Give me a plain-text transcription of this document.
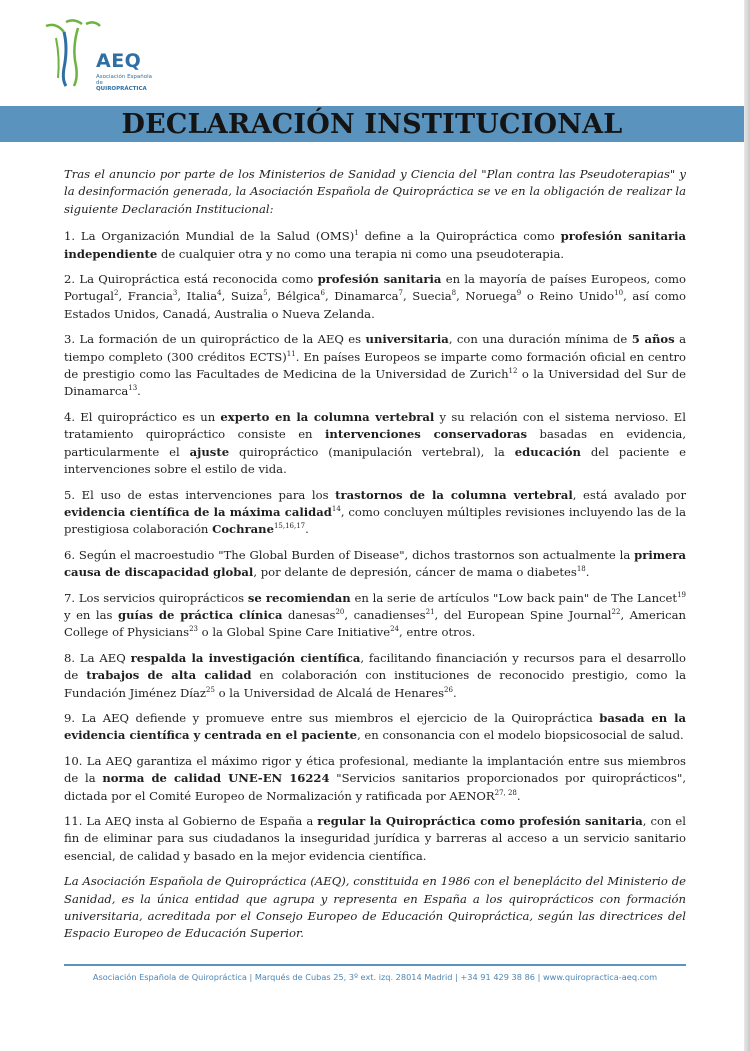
AEQ
Asociación Española de
QUIROPRÁCTICA
DECLARACIÓN INSTITUCIONAL

Tras el anuncio por parte de los Ministerios de Sanidad y Ciencia del "Plan contra las Pseudoterapias" y la desinformación generada, la Asociación Española de Quiropráctica se ve en la obligación de realizar la siguiente Declaración Institucional:

1. La Organización Mundial de la Salud (OMS)$^1$ define a la Quiropráctica como profesión sanitaria independiente de cualquier otra y no como una terapia ni como una pseudoterapia.

2. La Quiropráctica está reconocida como profesión sanitaria en la mayoría de países Europeos, como Portugal$^2$, Francia$^3$, Italia$^4$, Suiza$^5$, Bélgica$^6$, Dinamarca$^7$, Suecia$^8$, Noruega$^9$ o Reino Unido$^{10}$, así como Estados Unidos, Canadá, Australia o Nueva Zelanda.

3. La formación de un quiropráctico de la AEQ es universitaria, con una duración mínima de 5 años a tiempo completo (300 créditos ECTS)$^{11}$. En países Europeos se imparte como formación oficial en centro de prestigio como las Facultades de Medicina de la Universidad de Zurich$^{12}$ o la Universidad del Sur de Dinamarca$^{13}$.

4. El quiropráctico es un experto en la columna vertebral y su relación con el sistema nervioso. El tratamiento quiropráctico consiste en intervenciones conservadoras basadas en evidencia, particularmente el ajuste quiropráctico (manipulación vertebral), la educación del paciente e intervenciones sobre el estilo de vida.

5. El uso de estas intervenciones para los trastornos de la columna vertebral, está avalado por evidencia científica de la máxima calidad$^{14}$, como concluyen múltiples revisiones incluyendo las de la prestigiosa colaboración Cochrane$^{15,16,17}$.

6. Según el macroestudio "The Global Burden of Disease", dichos trastornos son actualmente la primera causa de discapacidad global, por delante de depresión, cáncer de mama o diabetes$^{18}$.

7. Los servicios quiroprácticos se recomiendan en la serie de artículos "Low back pain" de The Lancet$^{19}$ y en las guías de práctica clínica danesas$^{20}$, canadienses$^{21}$, del European Spine Journal$^{22}$, American College of Physicians$^{23}$ o la Global Spine Care Initiative$^{24}$, entre otros.

8. La AEQ respalda la investigación científica, facilitando financiación y recursos para el desarrollo de trabajos de alta calidad en colaboración con instituciones de reconocido prestigio, como la Fundación Jiménez Díaz$^{25}$ o la Universidad de Alcalá de Henares$^{26}$.

9. La AEQ defiende y promueve entre sus miembros el ejercicio de la Quiropráctica basada en la evidencia científica y centrada en el paciente, en consonancia con el modelo biopsicosocial de salud.

10. La AEQ garantiza el máximo rigor y ética profesional, mediante la implantación entre sus miembros de la norma de calidad UNE-EN 16224 "Servicios sanitarios proporcionados por quiroprácticos", dictada por el Comité Europeo de Normalización y ratificada por AENOR$^{27, 28}$.

11. La AEQ insta al Gobierno de España a regular la Quiropráctica como profesión sanitaria, con el fin de eliminar para sus ciudadanos la inseguridad jurídica y barreras al acceso a un servicio sanitario esencial, de calidad y basado en la mejor evidencia científica.

La Asociación Española de Quiropráctica (AEQ), constituida en 1986 con el beneplácito del Ministerio de Sanidad, es la única entidad que agrupa y representa en España a los quiroprácticos con formación universitaria, acreditada por el Consejo Europeo de Educación Quiropráctica, según las directrices del Espacio Europeo de Educación Superior.

Asociación Española de Quiropráctica | Marqués de Cubas 25, 3º ext. izq. 28014 Madrid | +34 91 429 38 86 | www.quiropractica-aeq.com
